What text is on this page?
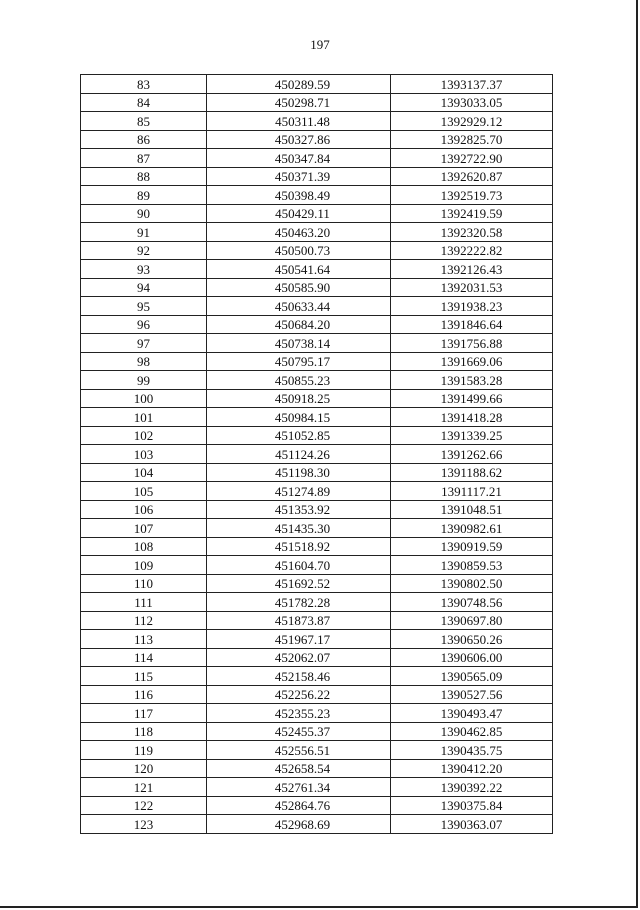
197
83	450289.59	1393137.37
84	450298.71	1393033.05
85	450311.48	1392929.12
86	450327.86	1392825.70
87	450347.84	1392722.90
88	450371.39	1392620.87
89	450398.49	1392519.73
90	450429.11	1392419.59
91	450463.20	1392320.58
92	450500.73	1392222.82
93	450541.64	1392126.43
94	450585.90	1392031.53
95	450633.44	1391938.23
96	450684.20	1391846.64
97	450738.14	1391756.88
98	450795.17	1391669.06
99	450855.23	1391583.28
100	450918.25	1391499.66
101	450984.15	1391418.28
102	451052.85	1391339.25
103	451124.26	1391262.66
104	451198.30	1391188.62
105	451274.89	1391117.21
106	451353.92	1391048.51
107	451435.30	1390982.61
108	451518.92	1390919.59
109	451604.70	1390859.53
110	451692.52	1390802.50
111	451782.28	1390748.56
112	451873.87	1390697.80
113	451967.17	1390650.26
114	452062.07	1390606.00
115	452158.46	1390565.09
116	452256.22	1390527.56
117	452355.23	1390493.47
118	452455.37	1390462.85
119	452556.51	1390435.75
120	452658.54	1390412.20
121	452761.34	1390392.22
122	452864.76	1390375.84
123	452968.69	1390363.07
